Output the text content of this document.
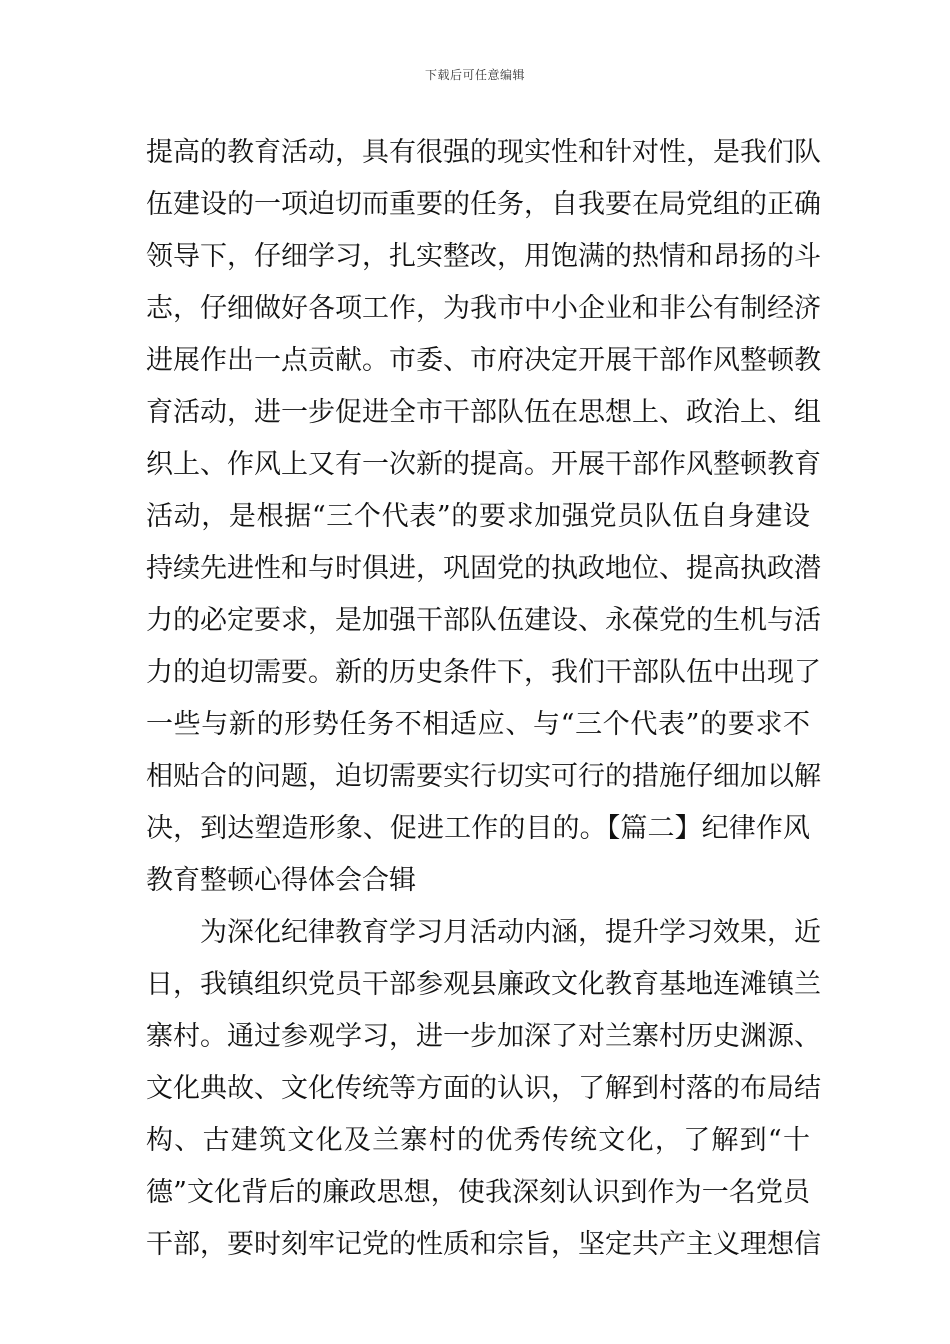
下载后可任意编辑
提高的教育活动，具有很强的现实性和针对性，是我们队
伍建设的一项迫切而重要的任务，自我要在局党组的正确
领导下，仔细学习，扎实整改，用饱满的热情和昂扬的斗
志，仔细做好各项工作，为我市中小企业和非公有制经济
进展作出一点贡献。市委、市府决定开展干部作风整顿教
育活动，进一步促进全市干部队伍在思想上、政治上、组
织上、作风上又有一次新的提高。开展干部作风整顿教育
活动，是根据“三个代表”的要求加强党员队伍自身建设
持续先进性和与时俱进，巩固党的执政地位、提高执政潜
力的必定要求，是加强干部队伍建设、永葆党的生机与活
力的迫切需要。新的历史条件下，我们干部队伍中出现了
一些与新的形势任务不相适应、与“三个代表”的要求不
相贴合的问题，迫切需要实行切实可行的措施仔细加以解
决，到达塑造形象、促进工作的目的。【篇二】纪律作风
教育整顿心得体会合辑
为深化纪律教育学习月活动内涵，提升学习效果，近
日，我镇组织党员干部参观县廉政文化教育基地连滩镇兰
寨村。通过参观学习，进一步加深了对兰寨村历史渊源、
文化典故、文化传统等方面的认识，了解到村落的布局结
构、古建筑文化及兰寨村的优秀传统文化，了解到“十
德”文化背后的廉政思想，使我深刻认识到作为一名党员
干部，要时刻牢记党的性质和宗旨，坚定共产主义理想信
